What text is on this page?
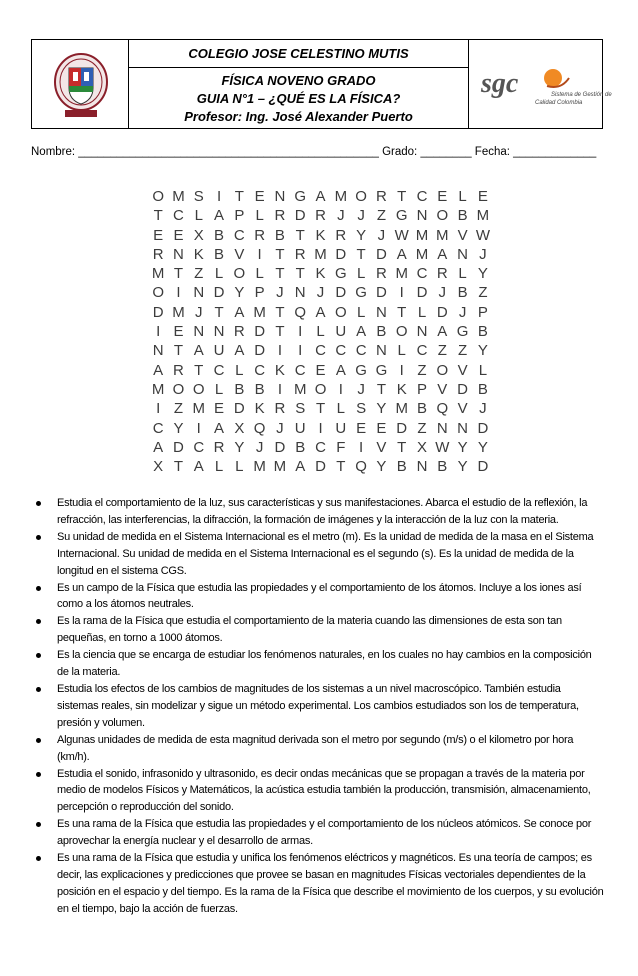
COLEGIO JOSE CELESTINO MUTIS
FÍSICA NOVENO GRADO
GUIA N°1 – ¿QUÉ ES LA FÍSICA?
Profesor: Ing. José Alexander Puerto
sgc	Sistema de Gestión de
Calidad Colombia
Nombre: _______________________________________________ Grado: ________ Fecha: _____________
O M S I T E N G A M O R T C E L E
T C L A P L R D R J J Z G N O B M
E E X B C R B T K R Y J W M M V W
R N K B V I T R M D T D A M A N J
M T Z L O L T T K G L R M C R L Y
O I N D Y P J N J D G D I D J B Z
D M J T A M T Q A O L N T L D J P
I E N N R D T I L U A B O N A G B
N T A U A D I	I C C C N L C Z Z Y
A R T C L C K C E A G G I Z O V L
M O O L B B I M O I J T K P V D B
I Z M E D K R S T L S Y M B Q V J
C Y I A X Q J U I U E E D Z N N D
A D C R Y J D B C F I V T X W Y Y
X T A L L M M A D T Q Y B N B Y D
Estudia el comportamiento de la luz, sus características y sus manifestaciones. Abarca el estudio de la reflexión, la refracción, las interferencias, la difracción, la formación de imágenes y la interacción de la luz con la materia.
Su unidad de medida en el Sistema Internacional es el metro (m). Es la unidad de medida de la masa en el Sistema Internacional. Su unidad de medida en el Sistema Internacional es el segundo (s). Es la unidad de medida de la longitud en el sistema CGS.
Es un campo de la Física que estudia las propiedades y el comportamiento de los átomos. Incluye a los iones así como a los átomos neutrales.
Es la rama de la Física que estudia el comportamiento de la materia cuando las dimensiones de esta son tan pequeñas, en torno a 1000 átomos.
Es la ciencia que se encarga de estudiar los fenómenos naturales, en los cuales no hay cambios en la composición de la materia.
Estudia los efectos de los cambios de magnitudes de los sistemas a un nivel macroscópico. También estudia sistemas reales, sin modelizar y sigue un método experimental. Los cambios estudiados son los de temperatura, presión y volumen.
Algunas unidades de medida de esta magnitud derivada son el metro por segundo (m/s) o el kilometro por hora (km/h).
Estudia el sonido, infrasonido y ultrasonido, es decir ondas mecánicas que se propagan a través de la materia por medio de modelos Físicos y Matemáticos, la acústica estudia también la producción, transmisión, almacenamiento, percepción o reproducción del sonido.
Es una rama de la Física que estudia las propiedades y el comportamiento de los núcleos atómicos. Se conoce por aprovechar la energía nuclear y el desarrollo de armas.
Es una rama de la Física que estudia y unifica los fenómenos eléctricos y magnéticos. Es una teoría de campos; es decir, las explicaciones y predicciones que provee se basan en magnitudes Físicas vectoriales dependientes de la posición en el espacio y del tiempo. Es la rama de la Física que describe el movimiento de los cuerpos, y su evolución en el tiempo, bajo la acción de fuerzas.
